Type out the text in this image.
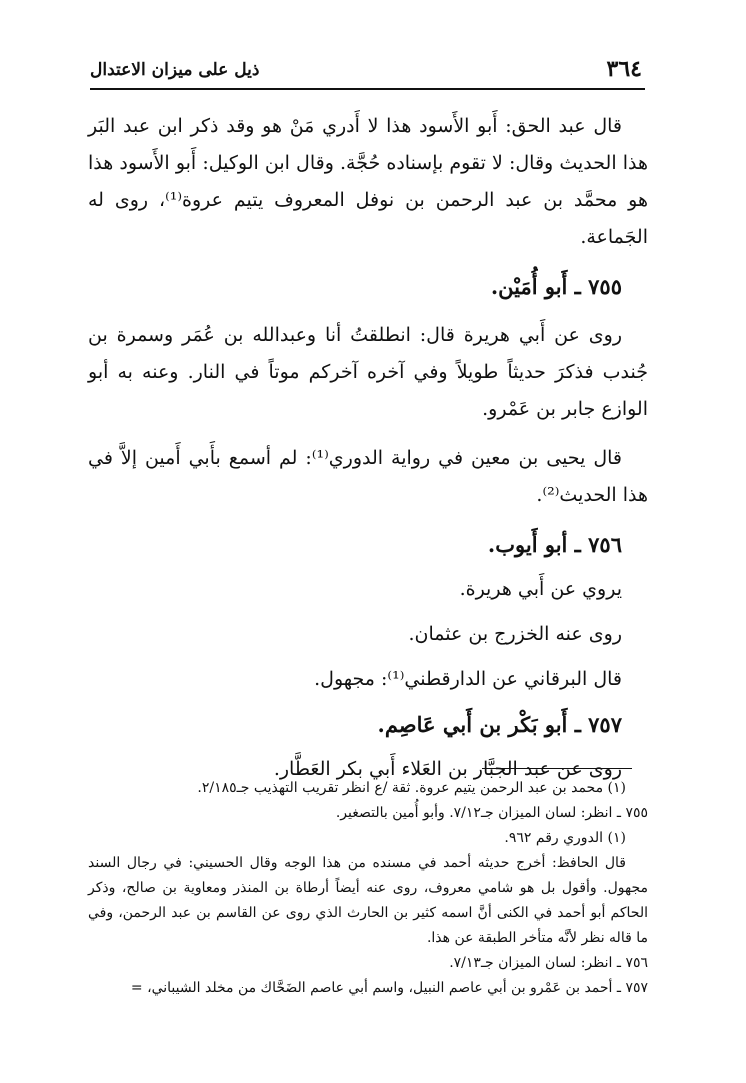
٣٦٤
ذيل على ميزان الاعتدال

قال عبد الحق: أَبو الأَسود هذا لا أَدري مَنْ هو وقد ذكر ابن عبد البَر هذا الحديث وقال: لا تقوم بإسناده حُجَّة. وقال ابن الوكيل: أَبو الأَسود هذا هو محمَّد بن عبد الرحمن بن نوفل المعروف يتيم عروة⁽¹⁾، روى له الجَماعة.

٧٥٥ ـ أَبو أُمَيْن.

روى عن أَبي هريرة قال: انطلقتُ أنا وعبدالله بن عُمَر وسمرة بن جُندب فذكرَ حديثاً طويلاً وفي آخره آخركم موتاً في النار. وعنه به أبو الوازع جابر بن عَمْرو.

قال يحيى بن معين في رواية الدوري⁽¹⁾: لم أسمع بأَبي أَمين إلاَّ في هذا الحديث⁽²⁾.

٧٥٦ ـ أبو أَيوب.

يروي عن أَبي هريرة.

روى عنه الخزرج بن عثمان.

قال البرقاني عن الدارقطني⁽¹⁾: مجهول.

٧٥٧ ـ أَبو بَكْر بن أَبي عَاصِم.

روى عن عبد الجبَّار بن العَلاء أَبي بكر العَطَّار.

(١) محمد بن عبد الرحمن يتيم عروة. ثقة /ع انظر تقريب التهذيب جـ٢/١٨٥.

٧٥٥ ـ انظر: لسان الميزان جـ٧/١٢. وأبو أُمين بالتصغير.

(١) الدوري رقم ٩٦٢.

قال الحافظ: أخرج حديثه أحمد في مسنده من هذا الوجه وقال الحسيني: في رجال السند مجهول. وأقول بل هو شامي معروف، روى عنه أيضاً أرطاة بن المنذر ومعاوية بن صالح، وذكر الحاكم أبو أحمد في الكنى أنَّ اسمه كثير بن الحارث الذي روى عن القاسم بن عبد الرحمن، وفي ما قاله نظر لأنَّه متأخر الطبقة عن هذا.

٧٥٦ ـ انظر: لسان الميزان جـ٧/١٣.

٧٥٧ ـ أحمد بن عَمْرو بن أبي عاصم النبيل، واسم أبي عاصم الضَحَّاك من مخلد الشيباني، =
